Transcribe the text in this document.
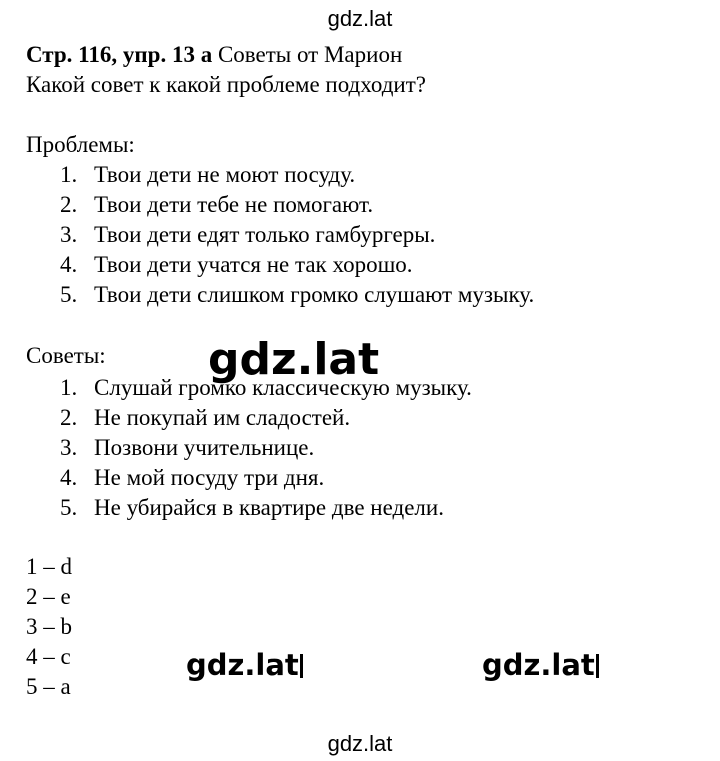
gdz.lat
Стр. 116, упр. 13 а Советы от Марион
Какой совет к какой проблеме подходит?
Проблемы:
1. Твои дети не моют посуду.
2. Твои дети тебе не помогают.
3. Твои дети едят только гамбургеры.
4. Твои дети учатся не так хорошо.
5. Твои дети слишком громко слушают музыку.
Советы:
1. Слушай громко классическую музыку.
2. Не покупай им сладостей.
3. Позвони учительнице.
4. Не мой посуду три дня.
5. Не убирайся в квартире две недели.
gdz.lat
1 – d
2 – e
3 – b
4 – c
5 – a
gdz.lat	gdz.lat
gdz.lat
